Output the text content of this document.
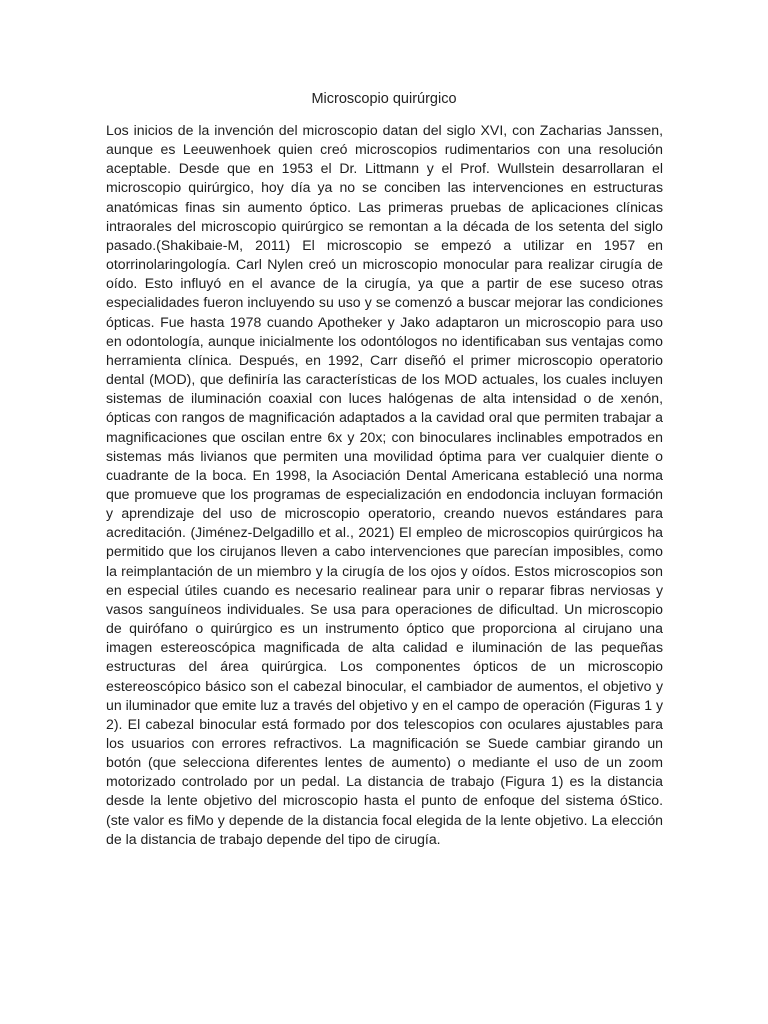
Microscopio quirúrgico

Los inicios de la invención del microscopio datan del siglo XVI, con Zacharias Janssen, aunque es Leeuwenhoek quien creó microscopios rudimentarios con una resolución aceptable. Desde que en 1953 el Dr. Littmann y el Prof. Wullstein desarrollaran el microscopio quirúrgico, hoy día ya no se conciben las intervenciones en estructuras anatómicas finas sin aumento óptico. Las primeras pruebas de aplicaciones clínicas intraorales del microscopio quirúrgico se remontan a la década de los setenta del siglo pasado.(Shakibaie-M, 2011) El microscopio se empezó a utilizar en 1957 en otorrinolaringología. Carl Nylen creó un microscopio monocular para realizar cirugía de oído. Esto influyó en el avance de la cirugía, ya que a partir de ese suceso otras especialidades fueron incluyendo su uso y se comenzó a buscar mejorar las condiciones ópticas. Fue hasta 1978 cuando Apotheker y Jako adaptaron un microscopio para uso en odontología, aunque inicialmente los odontólogos no identificaban sus ventajas como herramienta clínica. Después, en 1992, Carr diseñó el primer microscopio operatorio dental (MOD), que definiría las características de los MOD actuales, los cuales incluyen sistemas de iluminación coaxial con luces halógenas de alta intensidad o de xenón, ópticas con rangos de magnificación adaptados a la cavidad oral que permiten trabajar a magnificaciones que oscilan entre 6x y 20x; con binoculares inclinables empotrados en sistemas más livianos que permiten una movilidad óptima para ver cualquier diente o cuadrante de la boca. En 1998, la Asociación Dental Americana estableció una norma que promueve que los programas de especialización en endodoncia incluyan formación y aprendizaje del uso de microscopio operatorio, creando nuevos estándares para acreditación. (Jiménez-Delgadillo et al., 2021) El empleo de microscopios quirúrgicos ha permitido que los cirujanos lleven a cabo intervenciones que parecían imposibles, como la reimplantación de un miembro y la cirugía de los ojos y oídos. Estos microscopios son en especial útiles cuando es necesario realinear para unir o reparar fibras nerviosas y vasos sanguíneos individuales. Se usa para operaciones de dificultad. Un microscopio de quirófano o quirúrgico es un instrumento óptico que proporciona al cirujano una imagen estereoscópica magnificada de alta calidad e iluminación de las pequeñas estructuras del área quirúrgica. Los componentes ópticos de un microscopio estereoscópico básico son el cabezal binocular, el cambiador de aumentos, el objetivo y un iluminador que emite luz a través del objetivo y en el campo de operación (Figuras 1 y 2). El cabezal binocular está formado por dos telescopios con oculares ajustables para los usuarios con errores refractivos. La magnificación se Suede cambiar girando un botón (que selecciona diferentes lentes de aumento) o mediante el uso de un zoom motorizado controlado por un pedal. La distancia de trabajo (Figura 1) es la distancia desde la lente objetivo del microscopio hasta el punto de enfoque del sistema óStico. (ste valor es fiMo y depende de la distancia focal elegida de la lente objetivo. La elección de la distancia de trabajo depende del tipo de cirugía.
